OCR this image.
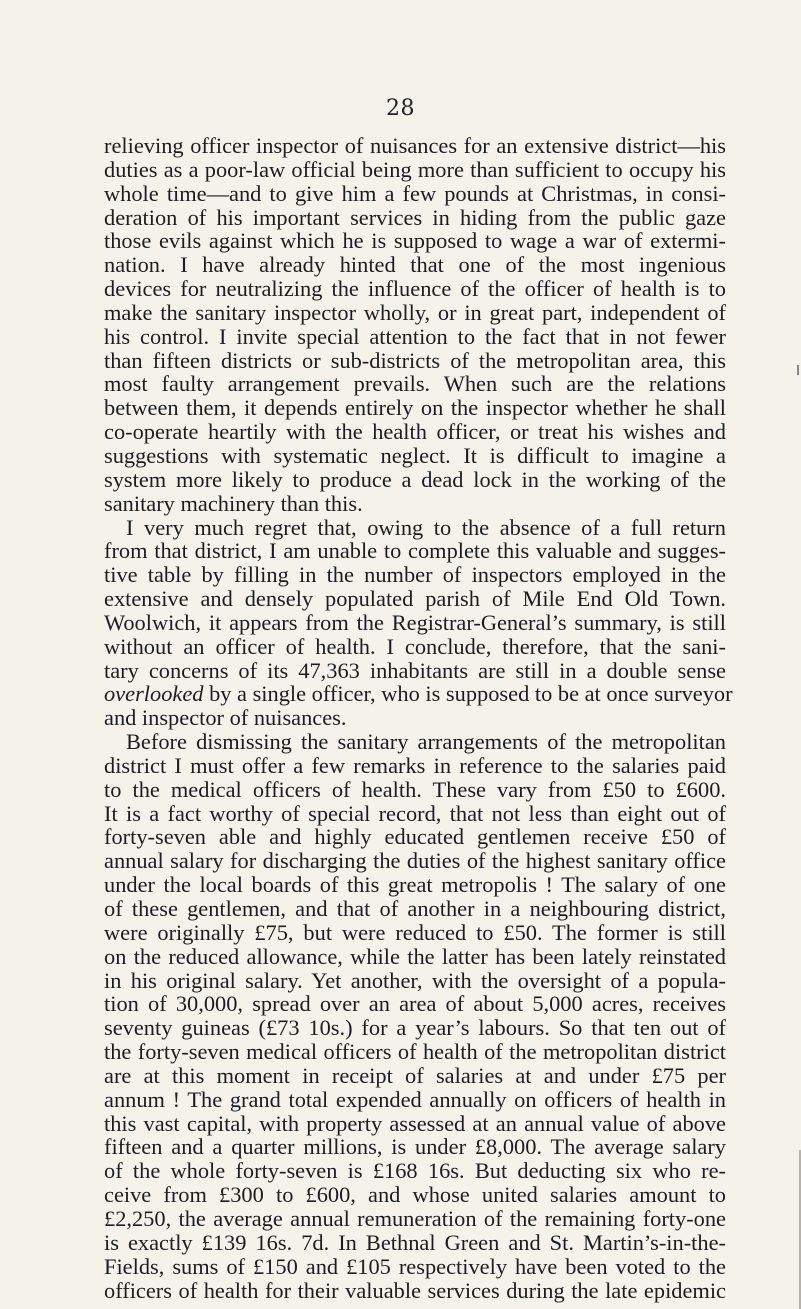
28
relieving officer inspector of nuisances for an extensive district—his
duties as a poor-law official being more than sufficient to occupy his
whole time—and to give him a few pounds at Christmas, in consi-
deration of his important services in hiding from the public gaze
those evils against which he is supposed to wage a war of extermi-
nation. I have already hinted that one of the most ingenious
devices for neutralizing the influence of the officer of health is to
make the sanitary inspector wholly, or in great part, independent of
his control. I invite special attention to the fact that in not fewer
than fifteen districts or sub-districts of the metropolitan area, this
most faulty arrangement prevails. When such are the relations
between them, it depends entirely on the inspector whether he shall
co-operate heartily with the health officer, or treat his wishes and
suggestions with systematic neglect. It is difficult to imagine a
system more likely to produce a dead lock in the working of the
sanitary machinery than this.
I very much regret that, owing to the absence of a full return
from that district, I am unable to complete this valuable and sugges-
tive table by filling in the number of inspectors employed in the
extensive and densely populated parish of Mile End Old Town.
Woolwich, it appears from the Registrar-General’s summary, is still
without an officer of health. I conclude, therefore, that the sani-
tary concerns of its 47,363 inhabitants are still in a double sense
overlooked by a single officer, who is supposed to be at once surveyor
and inspector of nuisances.
Before dismissing the sanitary arrangements of the metropolitan
district I must offer a few remarks in reference to the salaries paid
to the medical officers of health. These vary from £50 to £600.
It is a fact worthy of special record, that not less than eight out of
forty-seven able and highly educated gentlemen receive £50 of
annual salary for discharging the duties of the highest sanitary office
under the local boards of this great metropolis ! The salary of one
of these gentlemen, and that of another in a neighbouring district,
were originally £75, but were reduced to £50. The former is still
on the reduced allowance, while the latter has been lately reinstated
in his original salary. Yet another, with the oversight of a popula-
tion of 30,000, spread over an area of about 5,000 acres, receives
seventy guineas (£73 10s.) for a year’s labours. So that ten out of
the forty-seven medical officers of health of the metropolitan district
are at this moment in receipt of salaries at and under £75 per
annum ! The grand total expended annually on officers of health in
this vast capital, with property assessed at an annual value of above
fifteen and a quarter millions, is under £8,000. The average salary
of the whole forty-seven is £168 16s. But deducting six who re-
ceive from £300 to £600, and whose united salaries amount to
£2,250, the average annual remuneration of the remaining forty-one
is exactly £139 16s. 7d. In Bethnal Green and St. Martin’s-in-the-
Fields, sums of £150 and £105 respectively have been voted to the
officers of health for their valuable services during the late epidemic
